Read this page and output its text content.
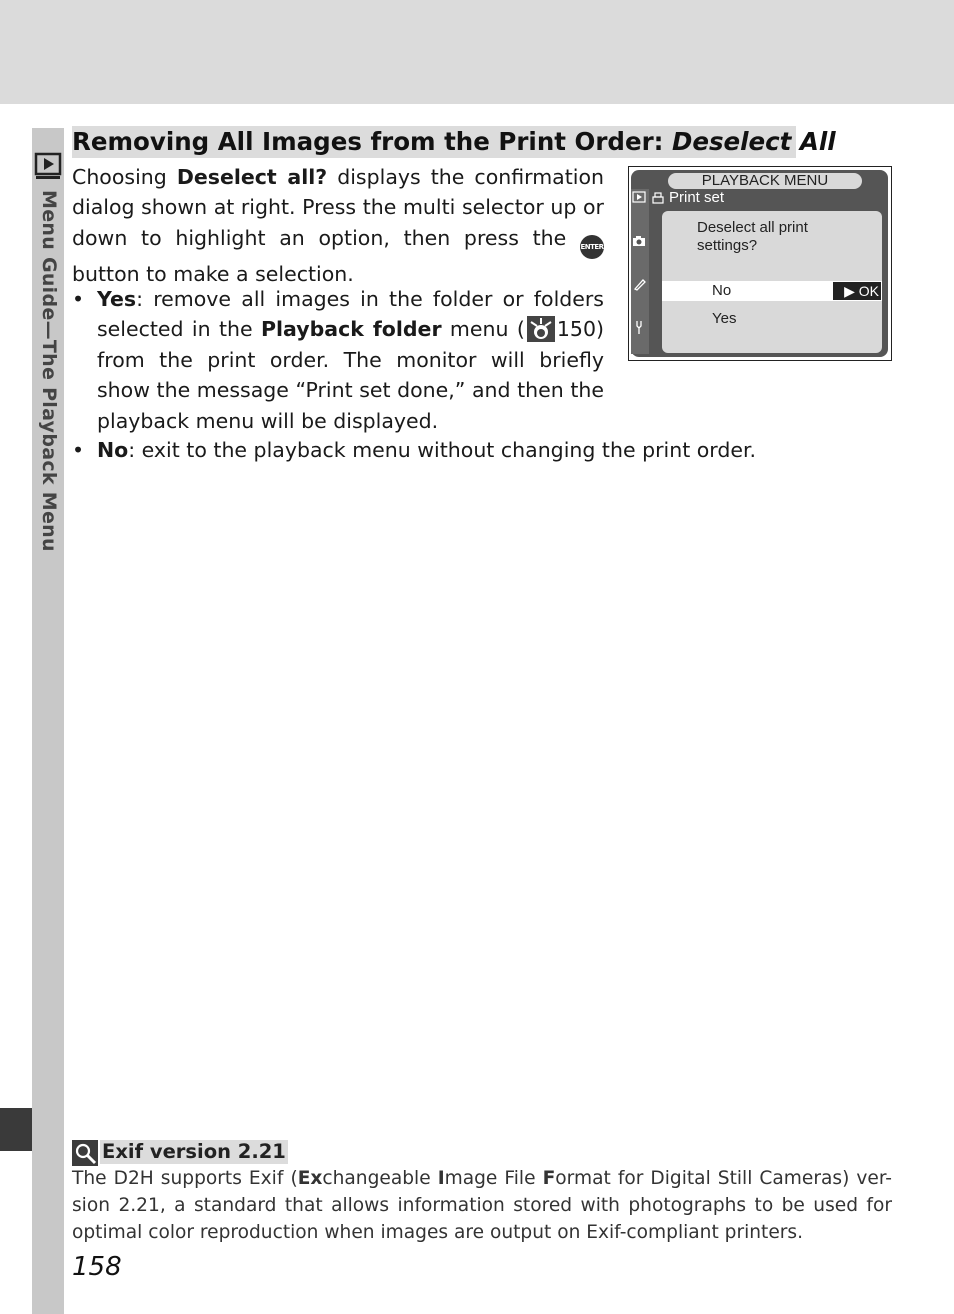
Menu Guide—The Playback Menu
Removing All Images from the Print Order: Deselect All
Choosing Deselect all? displays the confirmation dialog shown at right. Press the multi selector up or down to highlight an option, then press the ENTER button to make a selection.
• Yes: remove all images in the folder or folders selected in the Playback folder menu ( 150) from the print order. The monitor will briefly show the message “Print set done,” and then the playback menu will be displayed.
• No: exit to the playback menu without changing the print order.
PLAYBACK MENU
Print set
Deselect all print settings?
No	▶ OK
Yes
Exif version 2.21
The D2H supports Exif (Exchangeable Image File Format for Digital Still Cameras) ver-sion 2.21, a standard that allows information stored with photographs to be used for optimal color reproduction when images are output on Exif-compliant printers.
158
